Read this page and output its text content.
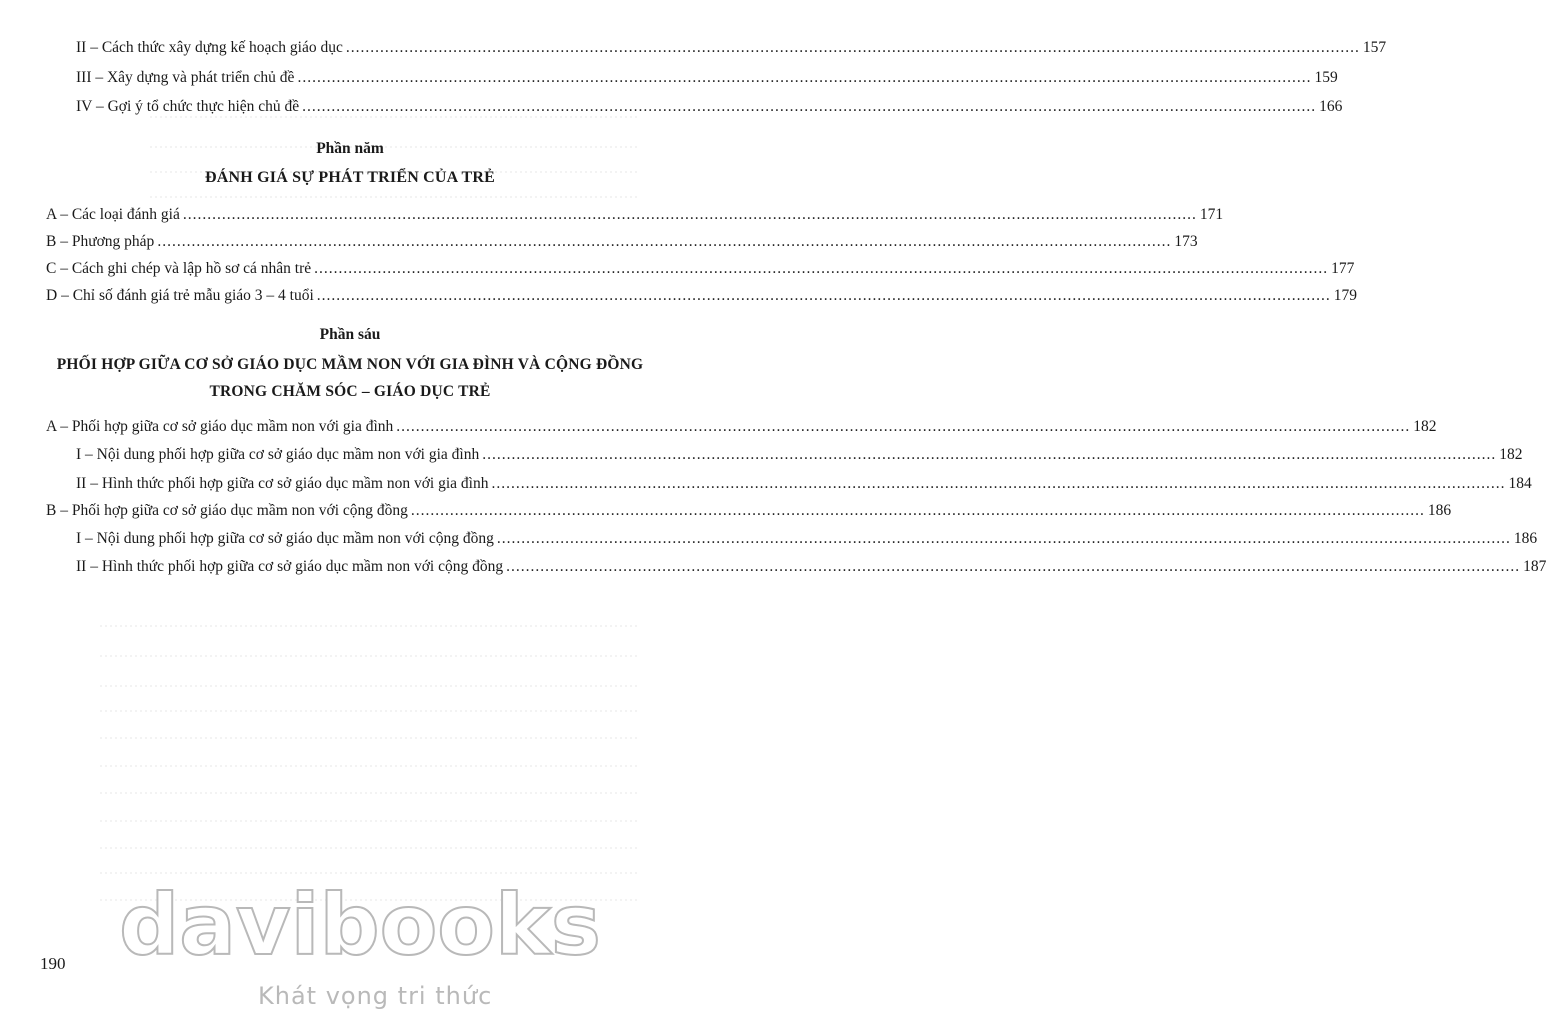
II – Cách thức xây dựng kế hoạch giáo dục .....	157
III – Xây dựng và phát triển chủ đề .....	159
IV – Gợi ý tổ chức thực hiện chủ đề .....	166
Phần năm
ĐÁNH GIÁ SỰ PHÁT TRIỂN CỦA TRẺ
A – Các loại đánh giá .....	171
B – Phương pháp .....	173
C – Cách ghi chép và lập hồ sơ cá nhân trẻ .....	177
D – Chỉ số đánh giá trẻ mẫu giáo 3 – 4 tuổi .....	179
Phần sáu
PHỐI HỢP GIỮA CƠ SỞ GIÁO DỤC MẦM NON VỚI GIA ĐÌNH VÀ CỘNG ĐỒNG
TRONG CHĂM SÓC – GIÁO DỤC TRẺ
A – Phối hợp giữa cơ sở giáo dục mầm non với gia đình .....	182
I – Nội dung phối hợp giữa cơ sở giáo dục mầm non với gia đình .....	182
II – Hình thức phối hợp giữa cơ sở giáo dục mầm non với gia đình .....	184
B – Phối hợp giữa cơ sở giáo dục mầm non với cộng đồng .....	186
I – Nội dung phối hợp giữa cơ sở giáo dục mầm non với cộng đồng .....	186
II – Hình thức phối hợp giữa cơ sở giáo dục mầm non với cộng đồng .....	187
190 davibooks
Khát vọng tri thức
